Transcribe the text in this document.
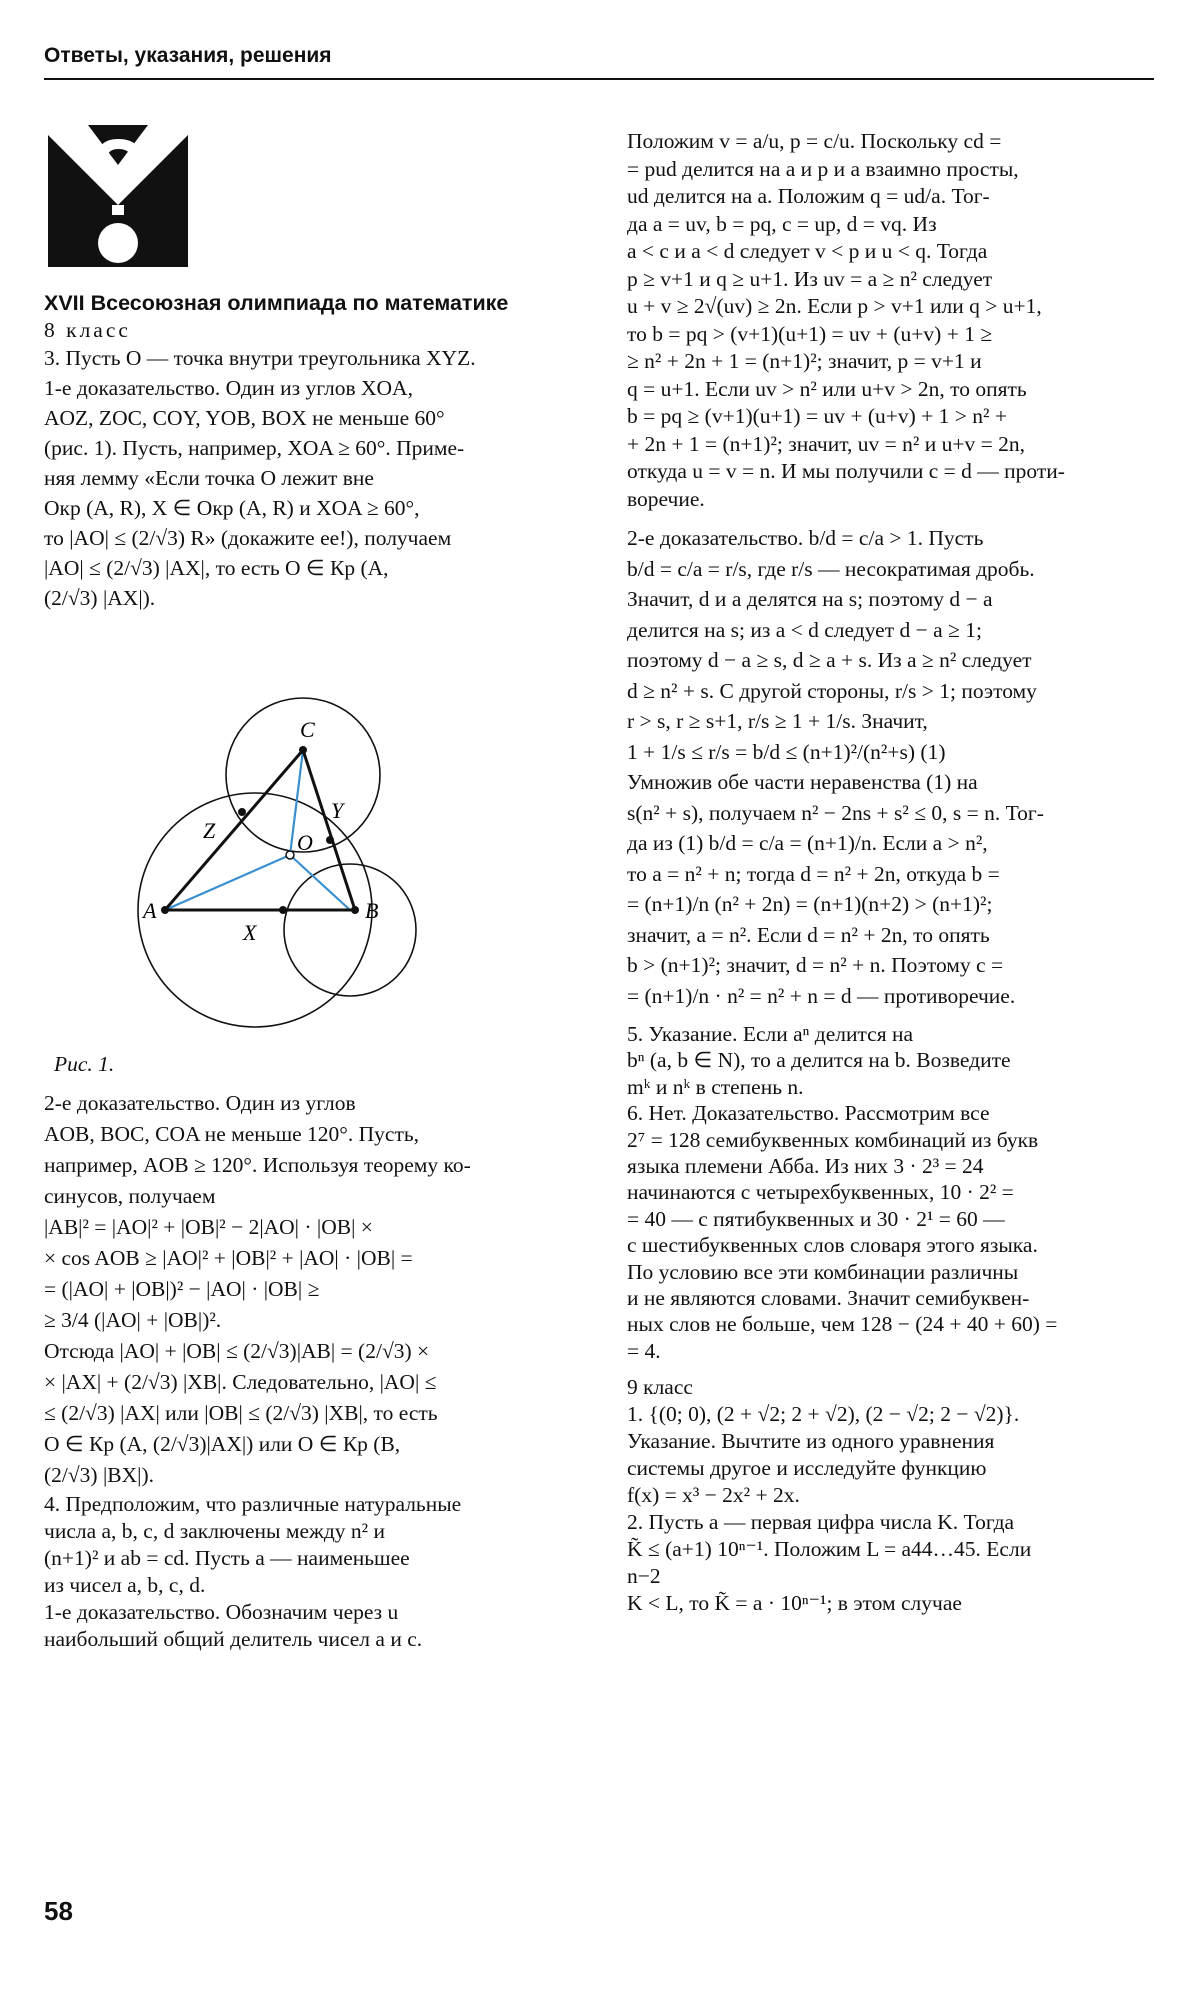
Ответы, указания, решения

XVII Всесоюзная олимпиада по математике

8 класс

3. Пусть O — точка внутри треугольника XYZ.

1-е доказательство. Один из углов XOA,

AOZ, ZOC, COY, YOB, BOX не меньше 60°

(рис. 1). Пусть, например, XOA ≥ 60°. Приме-

няя лемму «Если точка O лежит вне

Окр (A, R), X ∈ Окр (A, R) и XOA ≥ 60°,

то |AO| ≤ (2/√3) R» (докажите ее!), получаем

|AO| ≤ (2/√3) |AX|, то есть O ∈ Кр (A,

(2/√3) |AX|).

A	B
C
X
Y
Z	O
Рис. 1.

2-е доказательство. Один из углов

AOB, BOC, COA не меньше 120°. Пусть,

например, AOB ≥ 120°. Используя теорему ко-

синусов, получаем

|AB|² = |AO|² + |OB|² − 2|AO| · |OB| ×

× cos AOB ≥ |AO|² + |OB|² + |AO| · |OB| =

= (|AO| + |OB|)² − |AO| · |OB| ≥

≥ 3/4 (|AO| + |OB|)².

Отсюда |AO| + |OB| ≤ (2/√3)|AB| = (2/√3) ×

× |AX| + (2/√3) |XB|. Следовательно, |AO| ≤

≤ (2/√3) |AX| или |OB| ≤ (2/√3) |XB|, то есть

O ∈ Кр (A, (2/√3)|AX|) или O ∈ Кр (B,

(2/√3) |BX|).

4. Предположим, что различные натуральные

числа a, b, c, d заключены между n² и

(n+1)² и ab = cd. Пусть a — наименьшее

из чисел a, b, c, d.

1-е доказательство. Обозначим через u

наибольший общий делитель чисел a и c.

Положим v = a/u, p = c/u. Поскольку cd =

= pud делится на a и p и a взаимно просты,

ud делится на a. Положим q = ud/a. Тог-

да a = uv, b = pq, c = up, d = vq. Из

a < c и a < d следует v < p и u < q. Тогда

p ≥ v+1 и q ≥ u+1. Из uv = a ≥ n² следует

u + v ≥ 2√(uv) ≥ 2n. Если p > v+1 или q > u+1,

то b = pq > (v+1)(u+1) = uv + (u+v) + 1 ≥

≥ n² + 2n + 1 = (n+1)²; значит, p = v+1 и

q = u+1. Если uv > n² или u+v > 2n, то опять

b = pq ≥ (v+1)(u+1) = uv + (u+v) + 1 > n² +

+ 2n + 1 = (n+1)²; значит, uv = n² и u+v = 2n,

откуда u = v = n. И мы получили c = d — проти-

воречие.

2-е доказательство. b/d = c/a > 1. Пусть

b/d = c/a = r/s, где r/s — несократимая дробь.

Значит, d и a делятся на s; поэтому d − a

делится на s; из a < d следует d − a ≥ 1;

поэтому d − a ≥ s, d ≥ a + s. Из a ≥ n² следует

d ≥ n² + s. С другой стороны, r/s > 1; поэтому

r > s, r ≥ s+1, r/s ≥ 1 + 1/s. Значит,

1 + 1/s ≤ r/s = b/d ≤ (n+1)²/(n²+s) (1)

Умножив обе части неравенства (1) на

s(n² + s), получаем n² − 2ns + s² ≤ 0, s = n. Тог-

да из (1) b/d = c/a = (n+1)/n. Если a > n²,

то a = n² + n; тогда d = n² + 2n, откуда b =

= (n+1)/n (n² + 2n) = (n+1)(n+2) > (n+1)²;

значит, a = n². Если d = n² + 2n, то опять

b > (n+1)²; значит, d = n² + n. Поэтому c =

= (n+1)/n · n² = n² + n = d — противоречие.

5. Указание. Если aⁿ делится на

bⁿ (a, b ∈ N), то a делится на b. Возведите

mᵏ и nᵏ в степень n.

6. Нет. Доказательство. Рассмотрим все

2⁷ = 128 семибуквенных комбинаций из букв

языка племени Абба. Из них 3 · 2³ = 24

начинаются с четырехбуквенных, 10 · 2² =

= 40 — с пятибуквенных и 30 · 2¹ = 60 —

с шестибуквенных слов словаря этого языка.

По условию все эти комбинации различны

и не являются словами. Значит семибуквен-

ных слов не больше, чем 128 − (24 + 40 + 60) =

= 4.

9 класс

1. {(0; 0), (2 + √2; 2 + √2), (2 − √2; 2 − √2)}.

Указание. Вычтите из одного уравнения

системы другое и исследуйте функцию

f(x) = x³ − 2x² + 2x.

2. Пусть a — первая цифра числа K. Тогда

K̃ ≤ (a+1) 10ⁿ⁻¹. Положим L = a44…45. Если

n−2

K < L, то K̃ = a · 10ⁿ⁻¹; в этом случае

58
